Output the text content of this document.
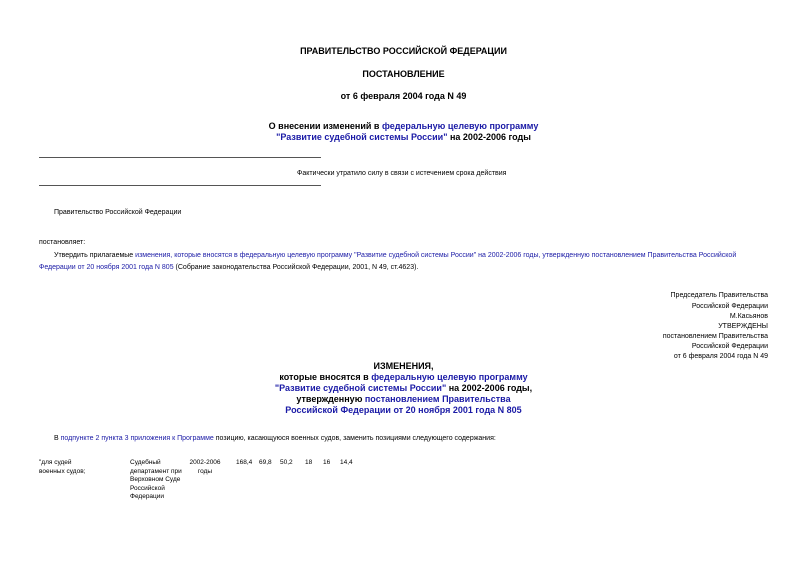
ПРАВИТЕЛЬСТВО РОССИЙСКОЙ ФЕДЕРАЦИИ
ПОСТАНОВЛЕНИЕ
от 6 февраля 2004 года N 49
О внесении изменений в федеральную целевую программу
"Развитие судебной системы России" на 2002-2006 годы
Фактически утратило силу в связи с истечением срока действия
Правительство Российской Федерации
постановляет:
Утвердить прилагаемые изменения, которые вносятся в федеральную целевую программу "Развитие судебной системы России" на 2002-2006 годы, утвержденную постановлением Правительства Российской Федерации от 20 ноября 2001 года N 805 (Собрание законодательства Российской Федерации, 2001, N 49, ст.4623).
Председатель Правительства
Российской Федерации
М.Касьянов
УТВЕРЖДЕНЫ
постановлением Правительства
Российской Федерации
от 6 февраля 2004 года N 49
ИЗМЕНЕНИЯ,
которые вносятся в федеральную целевую программу
"Развитие судебной системы России" на 2002-2006 годы,
утвержденную постановлением Правительства
Российской Федерации от 20 ноября 2001 года N 805
В подпункте 2 пункта 3 приложения к Программе позицию, касающуюся военных судов, заменить позициями следующего содержания:
"для судей
военных судов;
Судебный
департамент при
Верховном Суде
Российской
Федерации
2002-2006
годы
168,4 69,8 50,2 18 16 14,4
